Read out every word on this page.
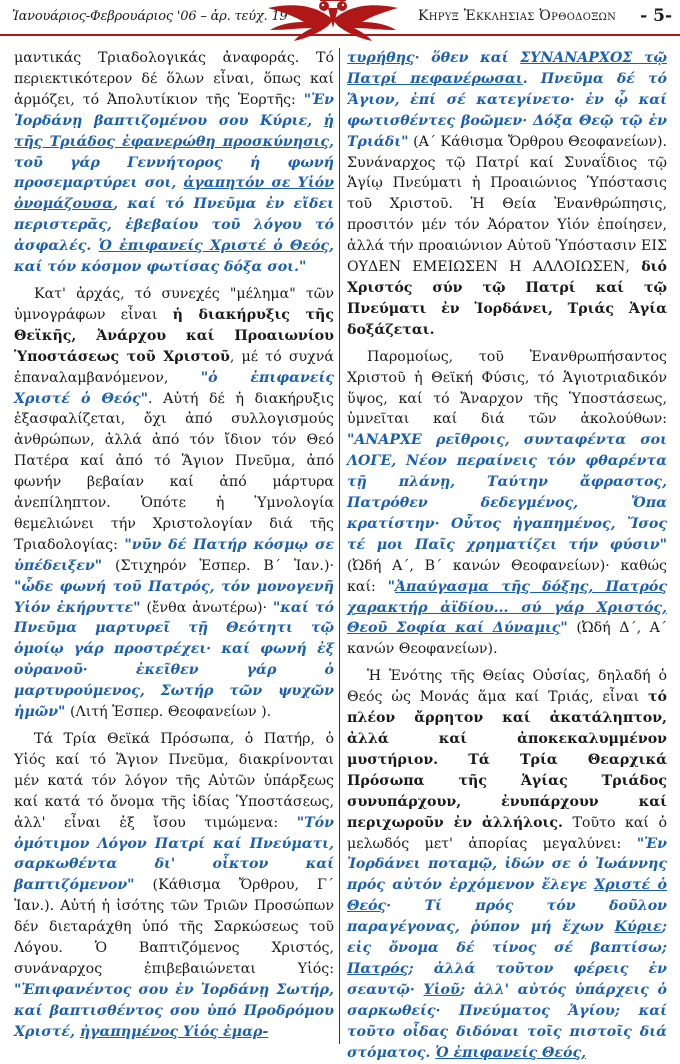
Ἰανουάριος-Φεβρουάριος '06 – ἀρ. τεύχ. 19	Κηρυξ Ἐκκλησιας Ὀρθοδοξων - 5-

μαντικάς Τριαδολογικάς ἀναφοράς. Τό περιεκτικότερον δέ ὅλων εἶναι, ὅπως καί ἁρμόζει, τό Ἀπολυτίκιον τῆς Ἑορτῆς: "Ἐν Ἰορδάνῃ βαπτιζομένου σου Κύριε, ἡ τῆς Τριάδος ἐφανερώθη προσκύνησις, τοῦ γάρ Γεννήτορος ἡ φωνή προσεμαρτύρει σοι, ἀγαπητόν σε Υἱόν ὀνομάζουσα, καί τό Πνεῦμα ἐν εἴδει περιστερᾶς, ἐβεβαίου τοῦ λόγου τό ἀσφαλές. Ὁ ἐπιφανείς Χριστέ ὁ Θεός, καί τόν κόσμον φωτίσας δόξα σοι."

Κατ' ἀρχάς, τό συνεχές "μέλημα" τῶν ὑμνογράφων εἶναι ἡ διακήρυξις τῆς Θεϊκῆς, Ἀνάρχου καί Προαιωνίου Ὑποστάσεως τοῦ Χριστοῦ, μέ τό συχνά ἐπαναλαμβανόμενον, "ὁ ἐπιφανείς Χριστέ ὁ Θεός". Αὐτή δέ ἡ διακήρυξις ἐξασφαλίζεται, ὄχι ἀπό συλλογισμούς ἀνθρώπων, ἀλλά ἀπό τόν ἴδιον τόν Θεό Πατέρα καί ἀπό τό Ἅγιον Πνεῦμα, ἀπό φωνήν βεβαίαν καί ἀπό μάρτυρα ἀνεπίληπτον. Ὁπότε ἡ Ὑμνολογία θεμελιώνει τήν Χριστολογίαν διά τῆς Τριαδολογίας: "νῦν δέ Πατήρ κόσμῳ σε ὑπέδειξεν" (Στιχηρόν Ἑσπερ. Β´ Ἰαν.)· "ὧδε φωνή τοῦ Πατρός, τόν μονογενῆ Υἱόν ἐκήρυττε" (ἔνθα ἀνωτέρω)· "καί τό Πνεῦμα μαρτυρεῖ τῇ Θεότητι τῷ ὁμοίῳ γάρ προστρέχει· καί φωνή ἐξ οὐρανοῦ· ἐκεῖθεν γάρ ὁ μαρτυρούμενος, Σωτήρ τῶν ψυχῶν ἡμῶν" (Λιτή Ἑσπερ. Θεοφανείων ).

Τά Τρία Θεϊκά Πρόσωπα, ὁ Πατήρ, ὁ Υἱός καί τό Ἅγιον Πνεῦμα, διακρίνονται μέν κατά τόν λόγον τῆς Αὐτῶν ὑπάρξεως καί κατά τό ὄνομα τῆς ἰδίας Ὑποστάσεως, ἀλλ' εἶναι ἐξ ἴσου τιμώμενα: "Τόν ὁμότιμον Λόγον Πατρί καί Πνεύματι, σαρκωθέντα δι' οἶκτον καί βαπτιζόμενον" (Κάθισμα Ὄρθρου, Γ´ Ἰαν.). Αὐτή ἡ ἰσότης τῶν Τριῶν Προσώπων δέν διεταράχθη ὑπό τῆς Σαρκώσεως τοῦ Λόγου. Ὁ Βαπτιζόμενος Χριστός, συνάναρχος ἐπιβεβαιώνεται Υἱός: "Ἐπιφανέντος σου ἐν Ἰορδάνῃ Σωτήρ, καί βαπτισθέντος σου ὑπό Προδρόμου Χριστέ, ἠγαπημένος Υἱός ἐμαρ-

τυρήθης· ὅθεν καί ΣΥΝΑΝΑΡΧΟΣ τῷ Πατρί πεφανέρωσαι. Πνεῦμα δέ τό Ἅγιον, ἐπί σέ κατεγίνετο· ἐν ᾧ καί φωτισθέντες βοῶμεν· Δόξα Θεῷ τῷ ἐν Τριάδι" (Α´ Κάθισμα Ὄρθρου Θεοφανείων). Συνάναρχος τῷ Πατρί καί Συναΐδιος τῷ Ἁγίῳ Πνεύματι ἡ Προαιώνιος Ὑπόστασις τοῦ Χριστοῦ. Ἡ Θεία Ἐνανθρώπησις, προσιτόν μέν τόν Ἀόρατον Υἱόν ἐποίησεν, ἀλλά τήν προαιώνιον Αὐτοῦ Ὑπόστασιν ΕΙΣ ΟΥΔΕΝ ΕΜΕΙΩΣΕΝ Η ΑΛΛΟΙΩΣΕΝ, διό Χριστός σύν τῷ Πατρί καί τῷ Πνεύματι ἐν Ἰορδάνει, Τριάς Ἁγία δοξάζεται.

Παρομοίως, τοῦ Ἐνανθρωπήσαντος Χριστοῦ ἡ Θεϊκή Φύσις, τό Ἁγιοτριαδικόν ὕψος, καί τό Ἄναρχον τῆς Ὑποστάσεως, ὑμνεῖται καί διά τῶν ἀκολούθων: "ΑΝΑΡΧΕ ρεῖθροις, συνταφέντα σοι ΛΟΓΕ, Νέον περαίνεις τόν φθαρέντα τῇ πλάνῃ, Ταύτην ἄφραστος, Πατρόθεν δεδεγμένος, Ὄπα κρατίστην· Οὗτος ἠγαπημένος, Ἴσος τέ μοι Παῖς χρηματίζει τήν φύσιν" (Ὠδή Α´, Β´ κανών Θεοφανείων)· καθώς καί: "Ἀπαύγασμα τῆς δόξης, Πατρός χαρακτήρ ἀϊδίου... σύ γάρ Χριστός, Θεοῦ Σοφία καί Δύναμις" (Ὠδή Δ´, Α´ κανών Θεοφανείων).

Ἡ Ἑνότης τῆς Θείας Οὐσίας, δηλαδή ὁ Θεός ὡς Μονάς ἅμα καί Τριάς, εἶναι τό πλέον ἄρρητον καί ἀκατάληπτον, ἀλλά καί ἀποκεκαλυμμένον μυστήριον. Τά Τρία Θεαρχικά Πρόσωπα τῆς Ἁγίας Τριάδος συνυπάρχουν, ἐνυπάρχουν καί περιχωροῦν ἐν ἀλλήλοις. Τοῦτο καί ὁ μελωδός μετ' ἀπορίας μεγαλύνει: "Ἐν Ἰορδάνει ποταμῷ, ἰδών σε ὁ Ἰωάννης πρός αὐτόν ἐρχόμενον ἔλεγε Χριστέ ὁ Θεός· Τί πρός τόν δοῦλον παραγέγονας, ῥύπον μή ἔχων Κύριε; εἰς ὄνομα δέ τίνος σέ βαπτίσω; Πατρός; ἀλλά τοῦτον φέρεις ἐν σεαυτῷ· Υἱοῦ; ἀλλ' αὐτός ὑπάρχεις ὁ σαρκωθείς· Πνεύματος Ἁγίου; καί τοῦτο οἶδας διδόναι τοῖς πιστοῖς διά στόματος. Ὁ ἐπιφανείς Θεός,
